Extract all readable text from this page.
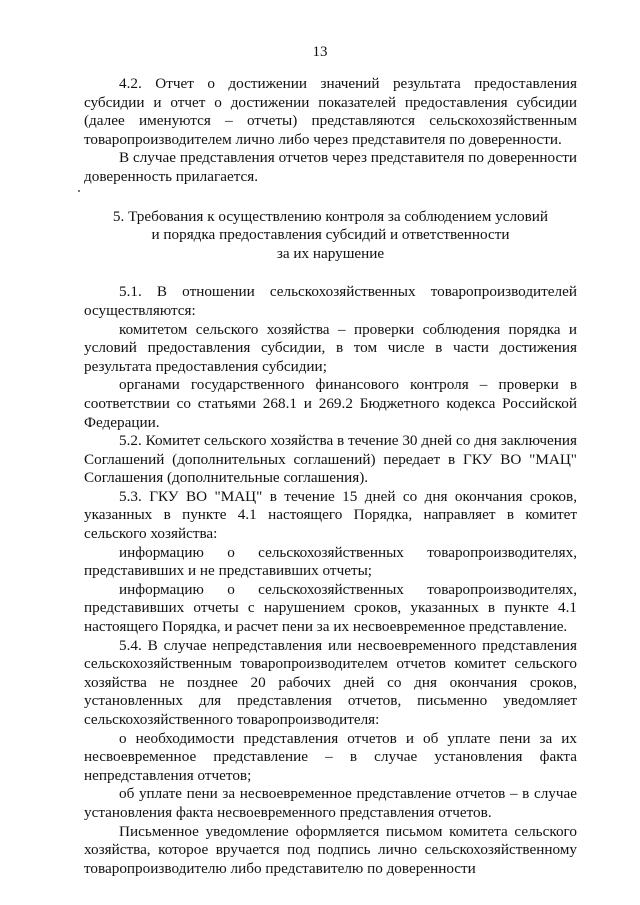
13

4.2. Отчет о достижении значений результата предоставления субсидии и отчет о достижении показателей предоставления субсидии (далее именуются – отчеты) представляются сельскохозяйственным товаропроизводителем лично либо через представителя по доверенности.

В случае представления отчетов через представителя по доверенности доверенность прилагается.

5. Требования к осуществлению контроля за соблюдением условий
и порядка предоставления субсидий и ответственности
за их нарушение

5.1. В отношении сельскохозяйственных товаропроизводителей осуществляются:

комитетом сельского хозяйства – проверки соблюдения порядка и условий предоставления субсидии, в том числе в части достижения результата предоставления субсидии;

органами государственного финансового контроля – проверки в соответствии со статьями 268.1 и 269.2 Бюджетного кодекса Российской Федерации.

5.2. Комитет сельского хозяйства в течение 30 дней со дня заключения Соглашений (дополнительных соглашений) передает в ГКУ ВО "МАЦ" Соглашения (дополнительные соглашения).

5.3. ГКУ ВО "МАЦ" в течение 15 дней со дня окончания сроков, указанных в пункте 4.1 настоящего Порядка, направляет в комитет сельского хозяйства:

информацию о сельскохозяйственных товаропроизводителях, представивших и не представивших отчеты;

информацию о сельскохозяйственных товаропроизводителях, представивших отчеты с нарушением сроков, указанных в пункте 4.1 настоящего Порядка, и расчет пени за их несвоевременное представление.

5.4. В случае непредставления или несвоевременного представления сельскохозяйственным товаропроизводителем отчетов комитет сельского хозяйства не позднее 20 рабочих дней со дня окончания сроков, установленных для представления отчетов, письменно уведомляет сельскохозяйственного товаропроизводителя:

о необходимости представления отчетов и об уплате пени за их несвоевременное представление – в случае установления факта непредставления отчетов;

об уплате пени за несвоевременное представление отчетов – в случае установления факта несвоевременного представления отчетов.

Письменное уведомление оформляется письмом комитета сельского хозяйства, которое вручается под подпись лично сельскохозяйственному товаропроизводителю либо представителю по доверенности
